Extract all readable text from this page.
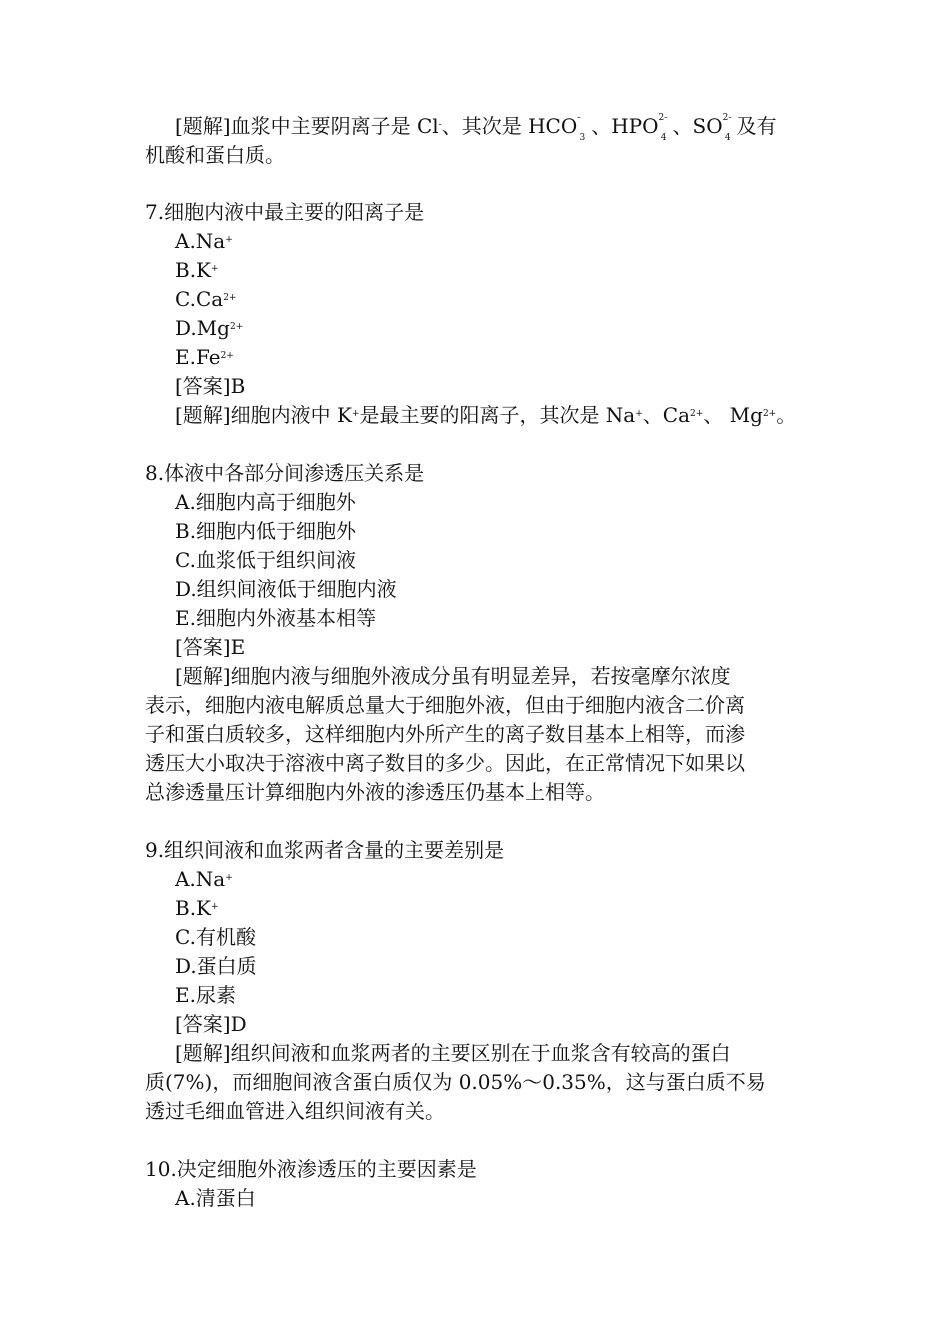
[题解]血浆中主要阴离子是 Cl-、其次是 HCO -
3 、HPO 2-
4 、SO 2-
4 及有
机酸和蛋白质。
7.细胞内液中最主要的阳离子是
A.Na+
B.K+
$C.Ca^{2+}$
$D.Mg^{2+}$
$E.Fe^{2+}$
[答案]B
[题解]细胞内液中 K+是最主要的阳离子，其次是 Na+、$Ca^{2+}$、 $Mg^{2+}$。
8.体液中各部分间渗透压关系是
A.细胞内高于细胞外
B.细胞内低于细胞外
C.血浆低于组织间液
D.组织间液低于细胞内液
E.细胞内外液基本相等
[答案]E
[题解]细胞内液与细胞外液成分虽有明显差异，若按毫摩尔浓度
表示，细胞内液电解质总量大于细胞外液，但由于细胞内液含二价离
子和蛋白质较多，这样细胞内外所产生的离子数目基本上相等，而渗
透压大小取决于溶液中离子数目的多少。因此，在正常情况下如果以
总渗透量压计算细胞内外液的渗透压仍基本上相等。
9.组织间液和血浆两者含量的主要差别是
A.Na+
B.K+
C.有机酸
D.蛋白质
E.尿素
[答案]D
[题解]组织间液和血浆两者的主要区别在于血浆含有较高的蛋白
质(7%)，而细胞间液含蛋白质仅为 0.05%～0.35%，这与蛋白质不易
透过毛细血管进入组织间液有关。
10.决定细胞外液渗透压的主要因素是
A.清蛋白
